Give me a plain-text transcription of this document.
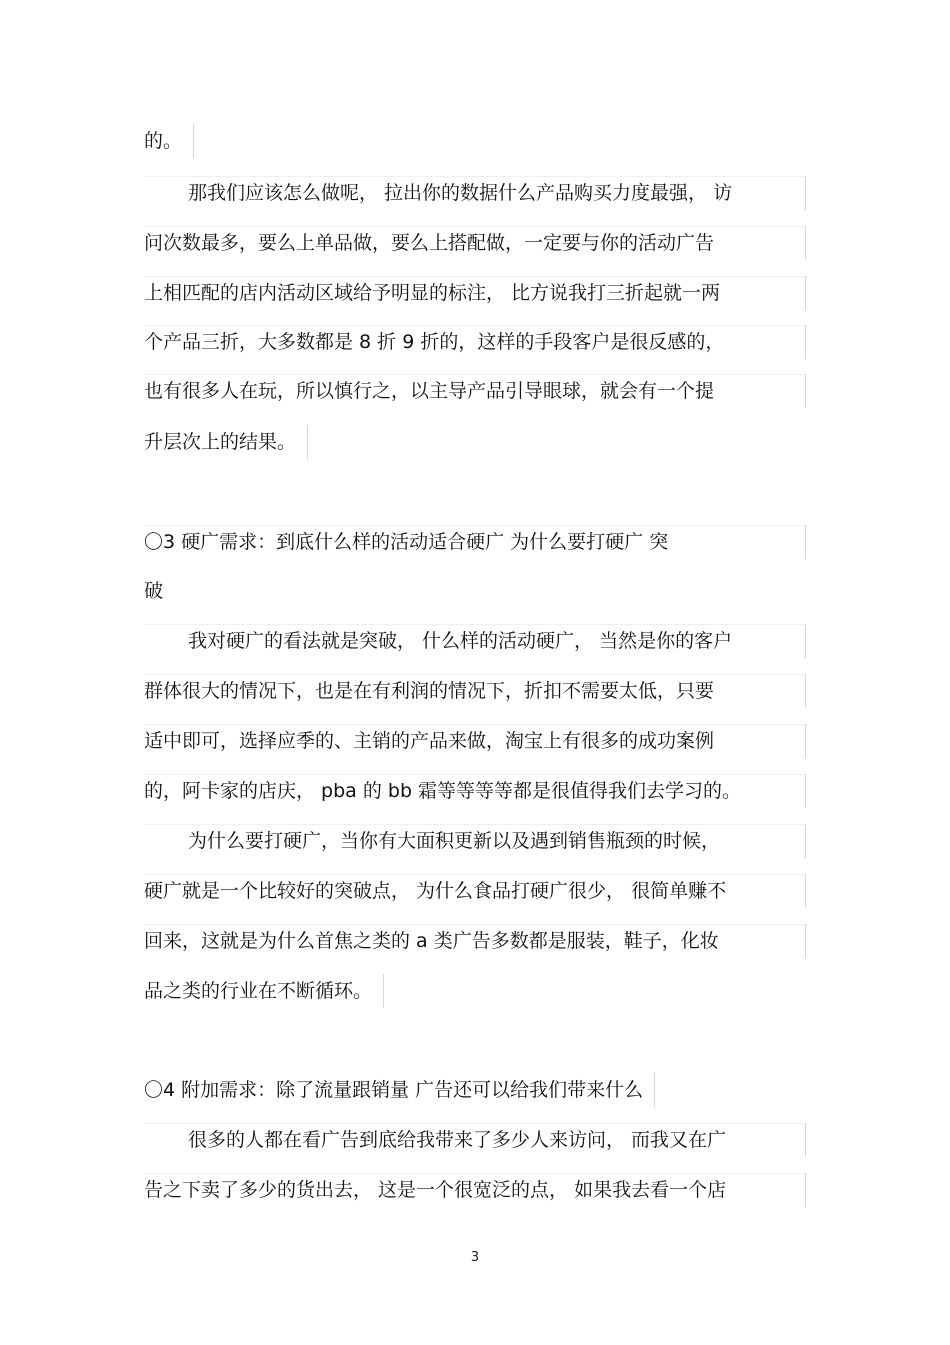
的。
那我们应该怎么做呢， 拉出你的数据什么产品购买力度最强， 访
问次数最多，要么上单品做，要么上搭配做，一定要与你的活动广告
上相匹配的店内活动区域给予明显的标注， 比方说我打三折起就一两
个产品三折，大多数都是 8 折 9 折的，这样的手段客户是很反感的，
也有很多人在玩，所以慎行之，以主导产品引导眼球，就会有一个提
升层次上的结果。
〇3 硬广需求：到底什么样的活动适合硬广 为什么要打硬广 突
破
我对硬广的看法就是突破， 什么样的活动硬广， 当然是你的客户
群体很大的情况下，也是在有利润的情况下，折扣不需要太低，只要
适中即可，选择应季的、主销的产品来做，淘宝上有很多的成功案例
的，阿卡家的店庆， pba 的 bb 霜等等等等都是很值得我们去学习的。
为什么要打硬广，当你有大面积更新以及遇到销售瓶颈的时候，
硬广就是一个比较好的突破点， 为什么食品打硬广很少， 很简单赚不
回来，这就是为什么首焦之类的 a 类广告多数都是服装，鞋子，化妆
品之类的行业在不断循环。
〇4 附加需求：除了流量跟销量 广告还可以给我们带来什么
很多的人都在看广告到底给我带来了多少人来访问， 而我又在广
告之下卖了多少的货出去， 这是一个很宽泛的点， 如果我去看一个店
3
